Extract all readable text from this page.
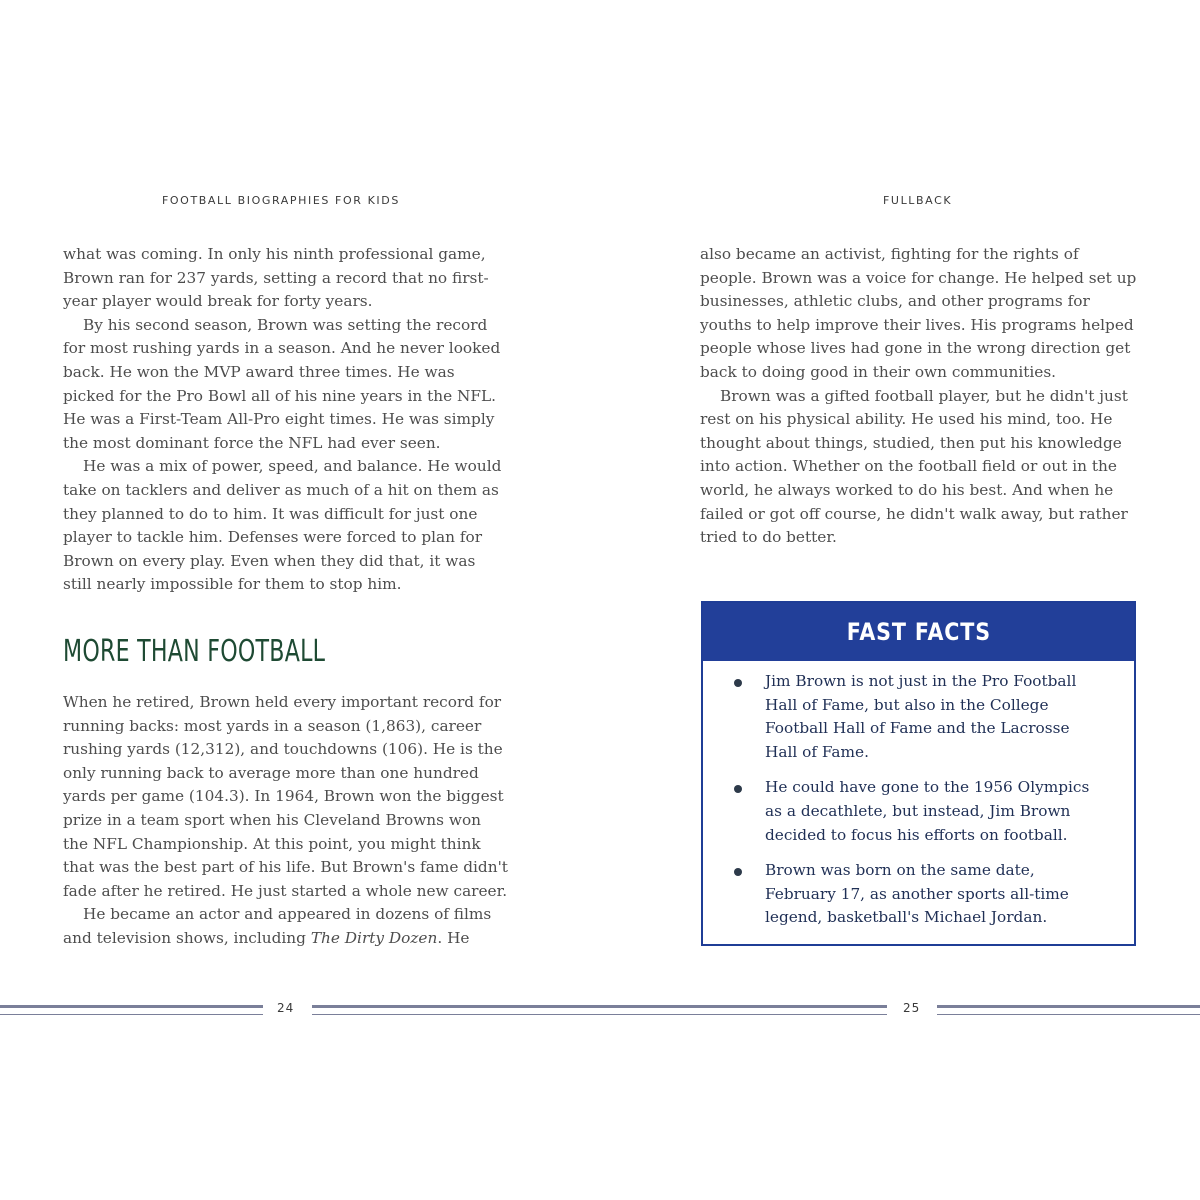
FOOTBALL BIOGRAPHIES FOR KIDS

what was coming. In only his ninth professional game, Brown ran for 237 yards, setting a record that no first-year player would break for forty years.

By his second season, Brown was setting the record for most rushing yards in a season. And he never looked back. He won the MVP award three times. He was picked for the Pro Bowl all of his nine years in the NFL. He was a First-Team All-Pro eight times. He was simply the most dominant force the NFL had ever seen.

He was a mix of power, speed, and balance. He would take on tacklers and deliver as much of a hit on them as they planned to do to him. It was difficult for just one player to tackle him. Defenses were forced to plan for Brown on every play. Even when they did that, it was still nearly impossible for them to stop him.

MORE THAN FOOTBALL

When he retired, Brown held every important record for running backs: most yards in a season (1,863), career rushing yards (12,312), and touchdowns (106). He is the only running back to average more than one hundred yards per game (104.3). In 1964, Brown won the biggest prize in a team sport when his Cleveland Browns won the NFL Championship. At this point, you might think that was the best part of his life. But Brown's fame didn't fade after he retired. He just started a whole new career.

He became an actor and appeared in dozens of films and television shows, including The Dirty Dozen. He

FULLBACK

also became an activist, fighting for the rights of people. Brown was a voice for change. He helped set up businesses, athletic clubs, and other programs for youths to help improve their lives. His programs helped people whose lives had gone in the wrong direction get back to doing good in their own communities.

Brown was a gifted football player, but he didn't just rest on his physical ability. He used his mind, too. He thought about things, studied, then put his knowledge into action. Whether on the football field or out in the world, he always worked to do his best. And when he failed or got off course, he didn't walk away, but rather tried to do better.

FAST FACTS
Jim Brown is not just in the Pro Football Hall of Fame, but also in the College Football Hall of Fame and the Lacrosse Hall of Fame.
He could have gone to the 1956 Olympics as a decathlete, but instead, Jim Brown decided to focus his efforts on football.
Brown was born on the same date, February 17, as another sports all-time legend, basketball's Michael Jordan.
24	25
